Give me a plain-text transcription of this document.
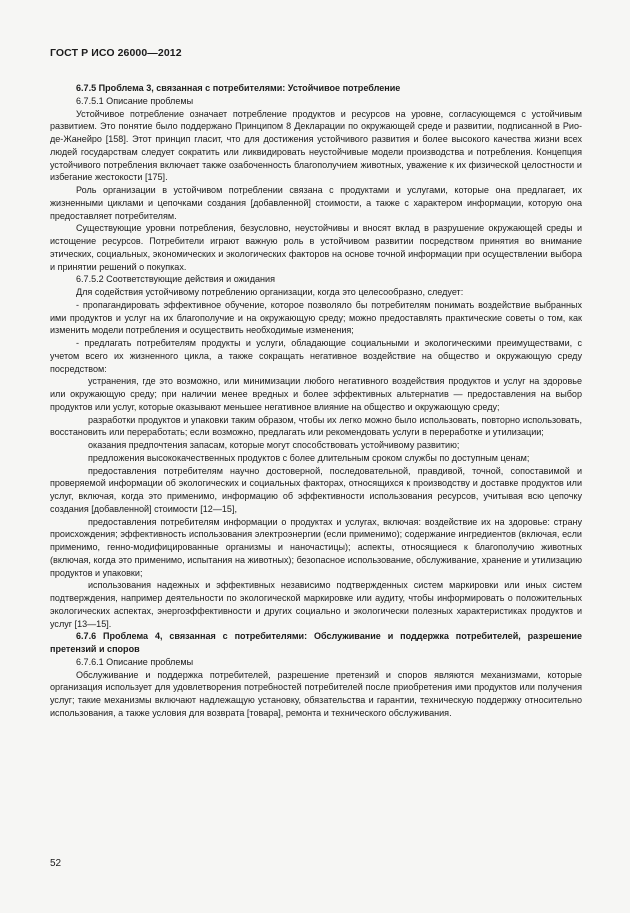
ГОСТ Р ИСО 26000—2012

6.7.5 Проблема 3, связанная с потребителями: Устойчивое потребление

6.7.5.1 Описание проблемы

Устойчивое потребление означает потребление продуктов и ресурсов на уровне, согласующемся с устойчивым развитием. Это понятие было поддержано Принципом 8 Декларации по окружающей среде и развитии, подписанной в Рио-де-Жанейро [158]. Этот принцип гласит, что для достижения устойчивого развития и более высокого качества жизни всех людей государствам следует сократить или ликвидировать неустойчивые модели производства и потребления. Концепция устойчивого потребления включает также озабоченность благополучием животных, уважение к их физической целостности и избегание жестокости [175].

Роль организации в устойчивом потреблении связана с продуктами и услугами, которые она предлагает, их жизненными циклами и цепочками создания [добавленной] стоимости, а также с характером информации, которую она предоставляет потребителям.

Существующие уровни потребления, безусловно, неустойчивы и вносят вклад в разрушение окружающей среды и истощение ресурсов. Потребители играют важную роль в устойчивом развитии посредством принятия во внимание этических, социальных, экономических и экологических факторов на основе точной информации при осуществлении выбора и принятии решений о покупках.

6.7.5.2 Соответствующие действия и ожидания

Для содействия устойчивому потреблению организации, когда это целесообразно, следует:

- пропагандировать эффективное обучение, которое позволяло бы потребителям понимать воздействие выбранных ими продуктов и услуг на их благополучие и на окружающую среду; можно предоставлять практические советы о том, как изменить модели потребления и осуществить необходимые изменения;

- предлагать потребителям продукты и услуги, обладающие социальными и экологическими преимуществами, с учетом всего их жизненного цикла, а также сокращать негативное воздействие на общество и окружающую среду посредством:

устранения, где это возможно, или минимизации любого негативного воздействия продуктов и услуг на здоровье или окружающую среду; при наличии менее вредных и более эффективных альтернатив — предоставления на выбор продуктов или услуг, которые оказывают меньшее негативное влияние на общество и окружающую среду;

разработки продуктов и упаковки таким образом, чтобы их легко можно было использовать, повторно использовать, восстановить или переработать; если возможно, предлагать или рекомендовать услуги в переработке и утилизации;

оказания предпочтения запасам, которые могут способствовать устойчивому развитию;

предложения высококачественных продуктов с более длительным сроком службы по доступным ценам;

предоставления потребителям научно достоверной, последовательной, правдивой, точной, сопоставимой и проверяемой информации об экологических и социальных факторах, относящихся к производству и доставке продуктов или услуг, включая, когда это применимо, информацию об эффективности использования ресурсов, учитывая всю цепочку создания [добавленной] стоимости [12—15],

предоставления потребителям информации о продуктах и услугах, включая: воздействие их на здоровье: страну происхождения; эффективность использования электроэнергии (если применимо); содержание ингредиентов (включая, если применимо, генно-модифицированные организмы и наночастицы); аспекты, относящиеся к благополучию животных (включая, когда это применимо, испытания на животных); безопасное использование, обслуживание, хранение и утилизацию продуктов и упаковки;

использования надежных и эффективных независимо подтвержденных систем маркировки или иных систем подтверждения, например деятельности по экологической маркировке или аудиту, чтобы информировать о положительных экологических аспектах, энергоэффективности и других социально и экологически полезных характеристиках продуктов и услуг [13—15].

6.7.6 Проблема 4, связанная с потребителями: Обслуживание и поддержка потребителей, разрешение претензий и споров

6.7.6.1 Описание проблемы

Обслуживание и поддержка потребителей, разрешение претензий и споров являются механизмами, которые организация использует для удовлетворения потребностей потребителей после приобретения ими продуктов или получения услуг; такие механизмы включают надлежащую установку, обязательства и гарантии, техническую поддержку относительно использования, а также условия для возврата [товара], ремонта и технического обслуживания.

52
